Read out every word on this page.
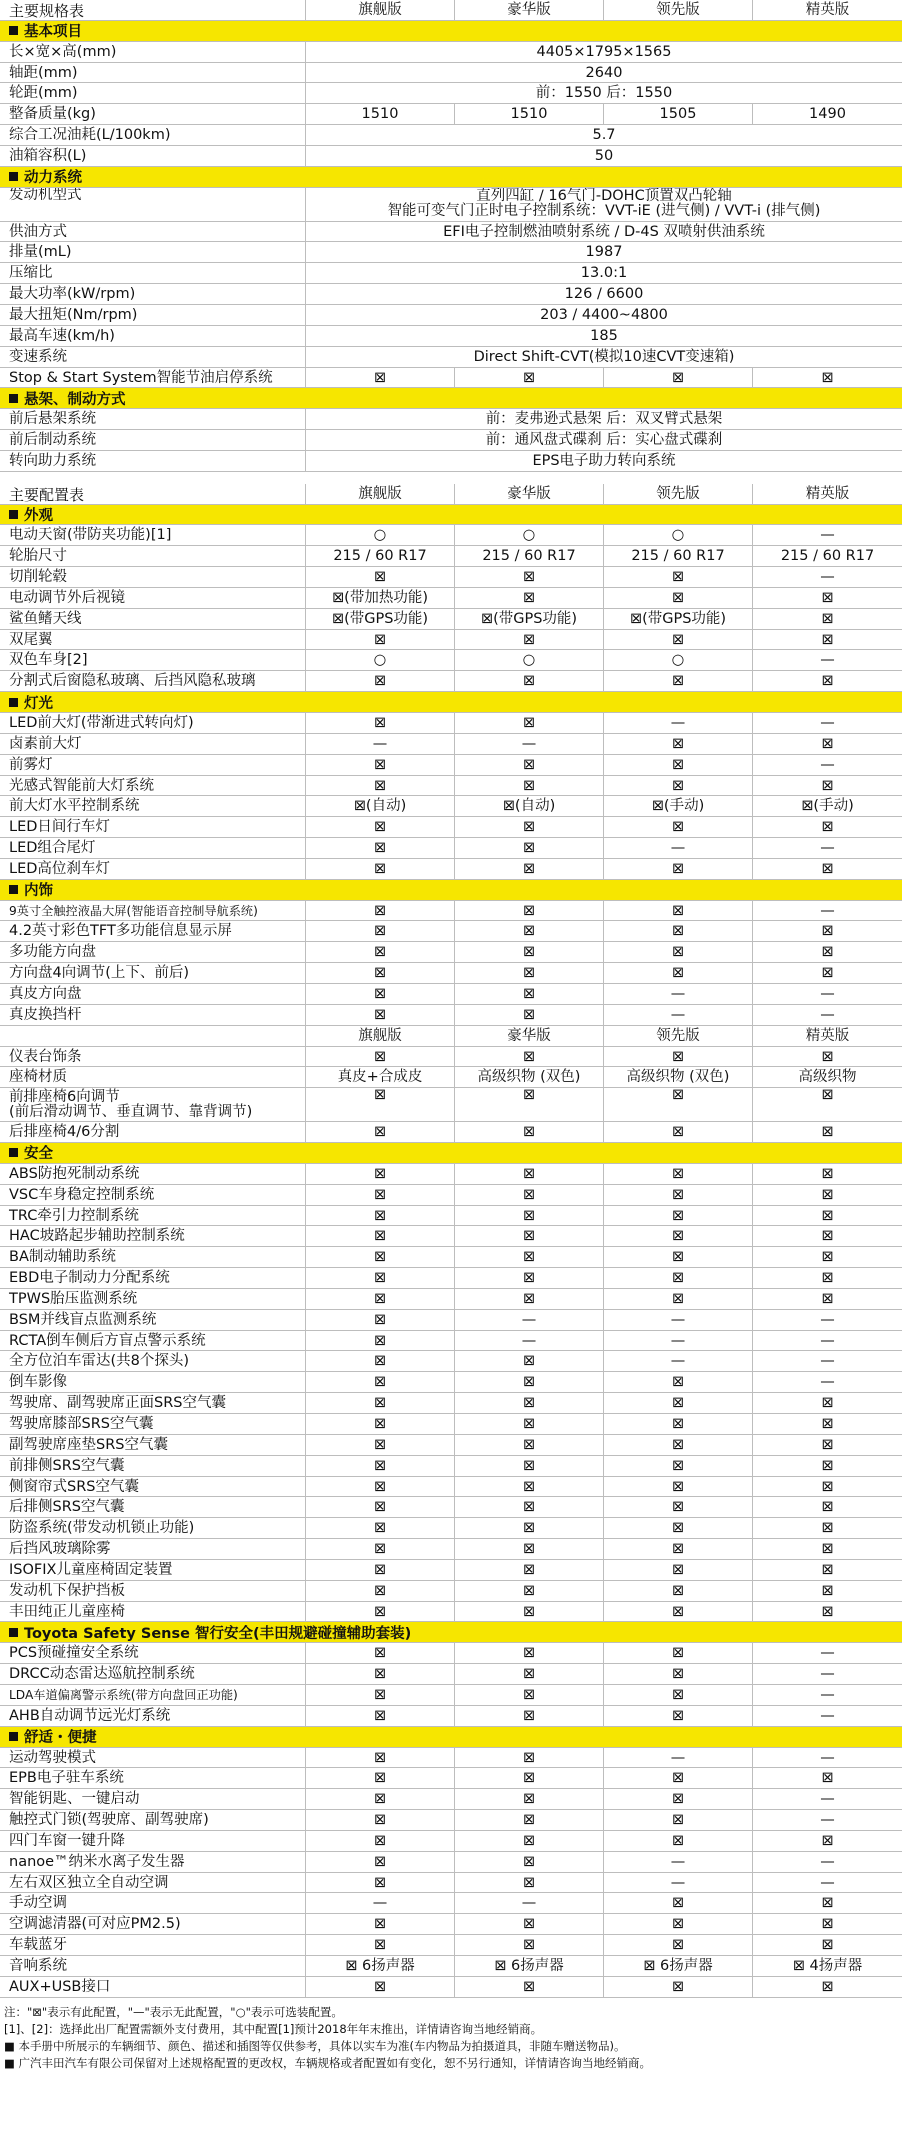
主要规格表	旗舰版	豪华版	领先版	精英版
基本项目
长×宽×高(mm)	4405×1795×1565
轴距(mm)	2640
轮距(mm)	前：1550 后：1550
整备质量(kg)	1510	1510	1505	1490
综合工况油耗(L/100km)	5.7
油箱容积(L)	50
动力系统
发动机型式	直列四缸 / 16气门-DOHC顶置双凸轮轴
智能可变气门正时电子控制系统：VVT-iE (进气侧) / VVT-i (排气侧)
供油方式	EFI电子控制燃油喷射系统 / D-4S 双喷射供油系统
排量(mL)	1987
压缩比	13.0:1
最大功率(kW/rpm)	126 / 6600
最大扭矩(Nm/rpm)	203 / 4400~4800
最高车速(km/h)	185
变速系统	Direct Shift-CVT(模拟10速CVT变速箱)
Stop & Start System智能节油启停系统	⊠	⊠	⊠	⊠
悬架、制动方式
前后悬架系统	前：麦弗逊式悬架 后：双叉臂式悬架
前后制动系统	前：通风盘式碟刹 后：实心盘式碟刹
转向助力系统	EPS电子助力转向系统
主要配置表	旗舰版	豪华版	领先版	精英版
外观
电动天窗(带防夹功能)[1]	○	○	○	—
轮胎尺寸	215 / 60 R17	215 / 60 R17	215 / 60 R17	215 / 60 R17
切削轮毂	⊠	⊠	⊠	—
电动调节外后视镜	⊠(带加热功能)	⊠	⊠	⊠
鲨鱼鳍天线	⊠(带GPS功能)	⊠(带GPS功能)	⊠(带GPS功能)	⊠
双尾翼	⊠	⊠	⊠	⊠
双色车身[2]	○	○	○	—
分割式后窗隐私玻璃、后挡风隐私玻璃	⊠	⊠	⊠	⊠
灯光
LED前大灯(带渐进式转向灯)	⊠	⊠	—	—
卤素前大灯	—	—	⊠	⊠
前雾灯	⊠	⊠	⊠	—
光感式智能前大灯系统	⊠	⊠	⊠	⊠
前大灯水平控制系统	⊠(自动)	⊠(自动)	⊠(手动)	⊠(手动)
LED日间行车灯	⊠	⊠	⊠	⊠
LED组合尾灯	⊠	⊠	—	—
LED高位刹车灯	⊠	⊠	⊠	⊠
内饰
9英寸全触控液晶大屏(智能语音控制导航系统)	⊠	⊠	⊠	—
4.2英寸彩色TFT多功能信息显示屏	⊠	⊠	⊠	⊠
多功能方向盘	⊠	⊠	⊠	⊠
方向盘4向调节(上下、前后)	⊠	⊠	⊠	⊠
真皮方向盘	⊠	⊠	—	—
真皮换挡杆	⊠	⊠	—	—
旗舰版	豪华版	领先版	精英版
仪表台饰条	⊠	⊠	⊠	⊠
座椅材质	真皮+合成皮	高级织物 (双色)	高级织物 (双色)	高级织物
前排座椅6向调节
(前后滑动调节、垂直调节、靠背调节)
⊠	⊠	⊠	⊠
后排座椅4/6分割	⊠	⊠	⊠	⊠
安全
ABS防抱死制动系统	⊠	⊠	⊠	⊠
VSC车身稳定控制系统	⊠	⊠	⊠	⊠
TRC牵引力控制系统	⊠	⊠	⊠	⊠
HAC坡路起步辅助控制系统	⊠	⊠	⊠	⊠
BA制动辅助系统	⊠	⊠	⊠	⊠
EBD电子制动力分配系统	⊠	⊠	⊠	⊠
TPWS胎压监测系统	⊠	⊠	⊠	⊠
BSM并线盲点监测系统	⊠	—	—	—
RCTA倒车侧后方盲点警示系统	⊠	—	—	—
全方位泊车雷达(共8个探头)	⊠	⊠	—	—
倒车影像	⊠	⊠	⊠	—
驾驶席、副驾驶席正面SRS空气囊	⊠	⊠	⊠	⊠
驾驶席膝部SRS空气囊	⊠	⊠	⊠	⊠
副驾驶席座垫SRS空气囊	⊠	⊠	⊠	⊠
前排侧SRS空气囊	⊠	⊠	⊠	⊠
侧窗帘式SRS空气囊	⊠	⊠	⊠	⊠
后排侧SRS空气囊	⊠	⊠	⊠	⊠
防盗系统(带发动机锁止功能)	⊠	⊠	⊠	⊠
后挡风玻璃除雾	⊠	⊠	⊠	⊠
ISOFIX儿童座椅固定装置	⊠	⊠	⊠	⊠
发动机下保护挡板	⊠	⊠	⊠	⊠
丰田纯正儿童座椅	⊠	⊠	⊠	⊠
Toyota Safety Sense 智行安全(丰田规避碰撞辅助套装)
PCS预碰撞安全系统	⊠	⊠	⊠	—
DRCC动态雷达巡航控制系统	⊠	⊠	⊠	—
LDA车道偏离警示系统(带方向盘回正功能)	⊠	⊠	⊠	—
AHB自动调节远光灯系统	⊠	⊠	⊠	—
舒适・便捷
运动驾驶模式	⊠	⊠	—	—
EPB电子驻车系统	⊠	⊠	⊠	⊠
智能钥匙、一键启动	⊠	⊠	⊠	—
触控式门锁(驾驶席、副驾驶席)	⊠	⊠	⊠	—
四门车窗一键升降	⊠	⊠	⊠	⊠
nanoe™纳米水离子发生器	⊠	⊠	—	—
左右双区独立全自动空调	⊠	⊠	—	—
手动空调	—	—	⊠	⊠
空调滤清器(可对应PM2.5)	⊠	⊠	⊠	⊠
车载蓝牙	⊠	⊠	⊠	⊠
音响系统	⊠ 6扬声器	⊠ 6扬声器	⊠ 6扬声器	⊠ 4扬声器
AUX+USB接口	⊠	⊠	⊠	⊠
注："⊠"表示有此配置，"—"表示无此配置，"○"表示可选装配置。
[1]、[2]：选择此出厂配置需额外支付费用，其中配置[1]预计2018年年末推出，详情请咨询当地经销商。
■ 本手册中所展示的车辆细节、颜色、描述和插图等仅供参考，具体以实车为准(车内物品为拍摄道具，非随车赠送物品)。
■ 广汽丰田汽车有限公司保留对上述规格配置的更改权，车辆规格或者配置如有变化，恕不另行通知，详情请咨询当地经销商。
